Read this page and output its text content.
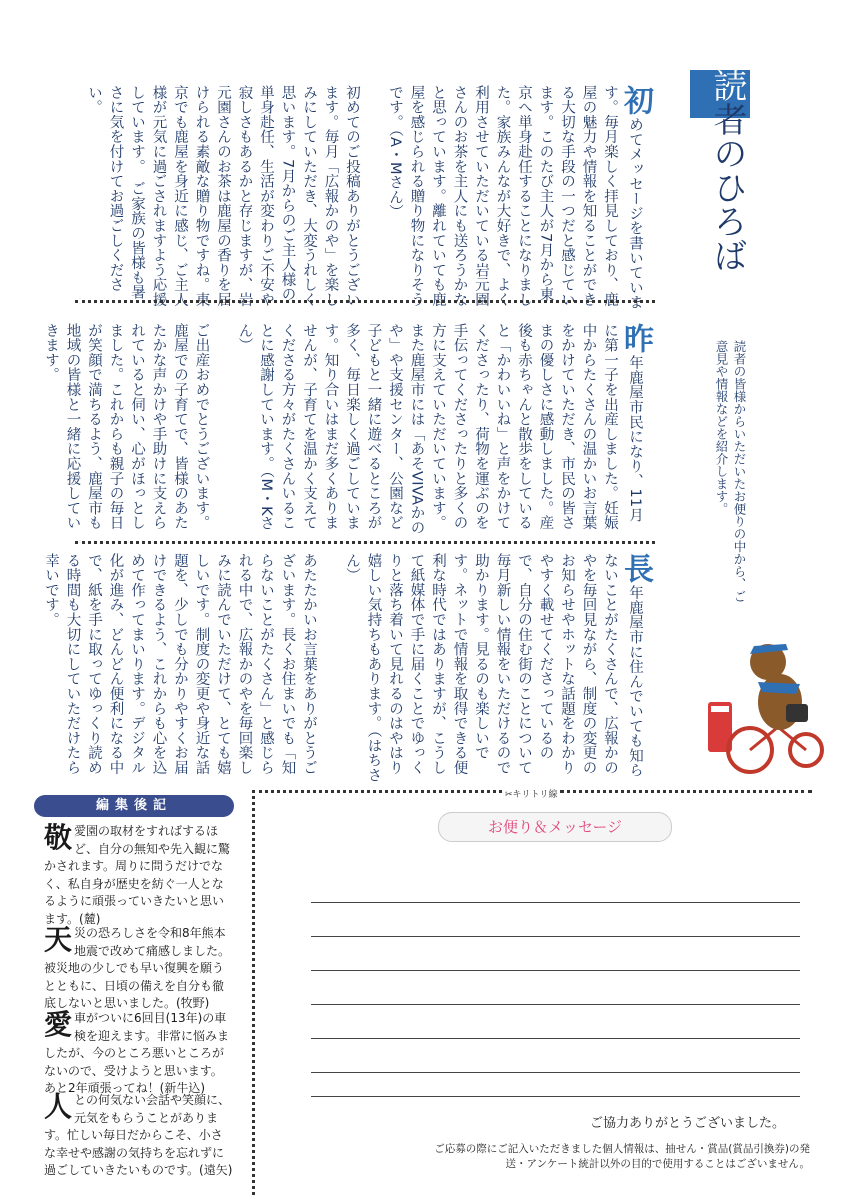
読者のひろば
読者の皆様からいただいたお便りの中から、ご意見や情報などを紹介します。
初めてメッセージを書いています。毎月楽しく拝見しており、鹿屋の魅力や情報を知ることができる大切な手段の一つだと感じています。このたび主人が7月から東京へ単身赴任することになりました。家族みんなが大好きで、よく利用させていただいている岩元園さんのお茶を主人にも送ろうかなと思っています。離れていても鹿屋を感じられる贈り物になりそうです。（A・Mさん）

初めてのご投稿ありがとうございます。毎月「広報かのや」を楽しみにしていただき、大変うれしく思います。7月からのご主人様の単身赴任、生活が変わりご不安や寂しさもあるかと存じますが、岩元園さんのお茶は鹿屋の香りを届けられる素敵な贈り物ですね。東京でも鹿屋を身近に感じ、ご主人様が元気に過ごされますよう応援しています。　ご家族の皆様も暑さに気を付けてお過ごしください。
昨年鹿屋市民になり、11月に第一子を出産しました。妊娠中からたくさんの温かいお言葉をかけていただき、市民の皆さまの優しさに感動しました。産後も赤ちゃんと散歩をしていると「かわいいね」と声をかけてくださったり、荷物を運ぶのを手伝ってくださったりと多くの方に支えていただいています。また鹿屋市には「あそVIVAかのや」や支援センター、公園など子どもと一緒に遊べるところが多く、毎日楽しく過ごしています。知り合いはまだ多くありませんが、子育てを温かく支えてくださる方々がたくさんいることに感謝しています。（M・Kさん）

ご出産おめでとうございます。鹿屋での子育てで、皆様のあたたかな声かけや手助けに支えられていると伺い、心がほっとしました。これからも親子の毎日が笑顔で満ちるよう、鹿屋市も地域の皆様と一緒に応援していきます。
長年鹿屋市に住んでいても知らないことがたくさんで、広報かのやを毎回見ながら、制度の変更のお知らせやホットな話題をわかりやすく載せてくださっているので、自分の住む街のことについて毎月新しい情報をいただけるので助かります。見るのも楽しいです。ネットで情報を取得できる便利な時代ではありますが、こうして紙媒体で手に届くことでゆっくりと落ち着いて見れるのはやはり嬉しい気持ちもあります。（はちさん）

あたたかいお言葉をありがとうございます。長くお住まいでも「知らないことがたくさん」と感じられる中で、広報かのやを毎回楽しみに読んでいただけて、とても嬉しいです。制度の変更や身近な話題を、少しでも分かりやすくお届けできるよう、これからも心を込めて作ってまいります。デジタル化が進み、どんどん便利になる中で、紙を手に取ってゆっくり読める時間も大切にしていただけたら幸いです。
✂キリトリ線
編集後記
敬愛園の取材をすればするほど、自分の無知や先入観に驚かされます。周りに問うだけでなく、私自身が歴史を紡ぐ一人となるように頑張っていきたいと思います。(麓)
天災の恐ろしさを令和8年熊本地震で改めて痛感しました。被災地の少しでも早い復興を願うとともに、日頃の備えを自分も徹底しないと思いました。(牧野)
愛車がついに6回目(13年)の車検を迎えます。非常に悩みましたが、今のところ悪いところがないので、受けようと思います。あと2年頑張ってね！(新牛込)
人との何気ない会話や笑顔に、元気をもらうことがあります。忙しい毎日だからこそ、小さな幸せや感謝の気持ちを忘れずに過ごしていきたいものです。(遠矢)
お便り＆メッセージ
ご協力ありがとうございました。
ご応募の際にご記入いただきました個人情報は、抽せん・賞品(賞品引換券)の発送・アンケート統計以外の目的で使用することはございません。
